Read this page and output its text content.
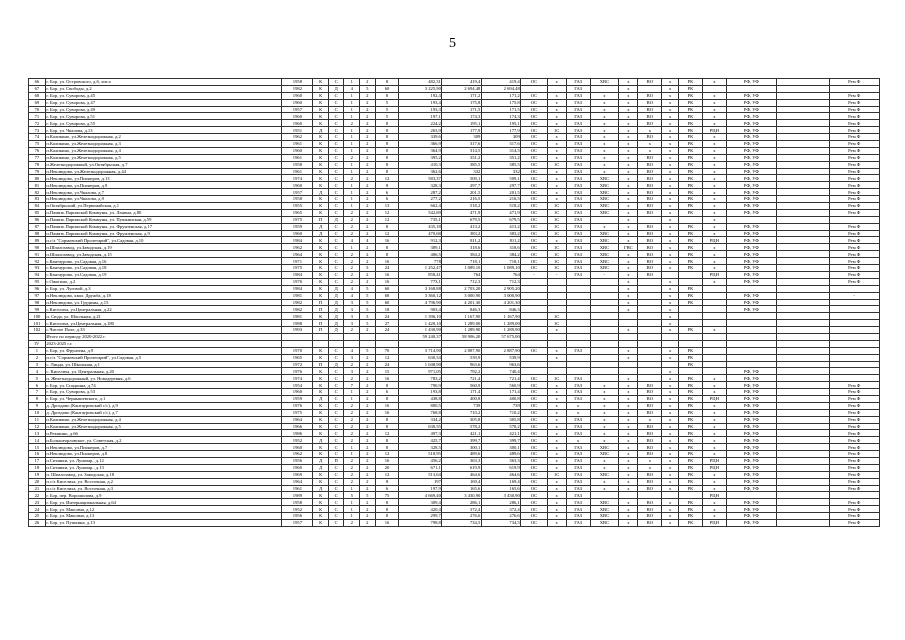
5
66	г. Бор, ул. Островского, д.6, лит.а	1958	К	С	1	2	8	482,31	419,4	419,4	ОС	х	ГАЗ	ХВС	х	ВО	х	РК	х	РФ, УФ		Рем Ф
67	г. Бор, ул. Свободы, д.2	1982	К	Д	4	5	60	3 225,90	2 694,48	2 694,48			ГАЗ		х		х	РК				
68	г. Бор, ул. Суворова, д.45	1960	К	С	1	2	8	192,4	171,2	171,2	ОС	х	ГАЗ	х	х	ВО	х	РК	х	РФ, УФ		Рем Ф
69	г. Бор, ул. Суворова, д.47	1960	К	С	1	2	5	193,4	175,8	175,8	ОС	х	ГАЗ	х	х	ВО	х	РК	х	РФ, УФ		Рем Ф
70	г. Бор, ул. Суворова, д.49	1957	К	С	1	2	5	193,3	171,5	171,5	ОС	х	ГАЗ	х	х	ВО	х	РК	х	РФ, УФ		Рем Ф
71	г. Бор, ул. Суворова, д.51	1960	К	С	1	2	5	197,1	174,3	174,3	ОС	х	ГАЗ	х	х	ВО	х	РК	х	РФ, УФ		Рем Ф
72	г. Бор, ул. Суворова, д.55	1960	К	С	2	2	8	224,2	195,1	195,1	ОС	х	ГАЗ	х	х	ВО	х	РК	х	РФ, УФ		Рем Ф
73	г. Бор, ул. Чкалова, д.13	1951	Д	С	1	2	8	263,9	177,9	177,9	ОС	1С	ГАЗ	х	х	х	х	РК	РЦН	РФ, УФ		Рем Ф
74	п.Каликино, ул.Железнодорожная, д.2	1962	К	С	1	2	8	339,6	309	309	ОС	х	ГАЗ	х	х	ВО	х	РК	х	РФ, УФ		Рем Ф
75	п.Каликино, ул.Железнодорожная, д.3	1961	К	С	1	2	8	366,9	317,6	317,6	ОС	х	ГАЗ	х	х	х	х	РК	х	РФ, УФ		Рем Ф
76	п.Каликино, ул.Железнодорожная, д.4	1960	К	С	1	2	8	364,9	314,5	314,5	ОС	х	ГАЗ	х	х	х	х	РК	х	РФ, УФ		Рем Ф
77	п.Каликино, ул.Железнодорожная, д.5	1961	К	С	2	2	8	395,2	351,2	351,2	ОС	х	ГАЗ	х	х	ВО	х	РК	х	РФ, УФ		Рем Ф
78	п.Железнодорожный, ул.Октябрьская, д.7	1958	К	С	1	2	8	410,3	385,5	385,5	ОС	1С	ГАЗ	х	х	ВО	х	РК	х	РФ, УФ		Рем Ф
79	п.Неклюдово, ул.Железнодорожная, д.44	1961	К	С	1	2	8	362,6	332	332	ОС	х	ГАЗ	х	х	ВО	х	РК	х	РФ, УФ		Рем Ф
80	п.Неклюдово, ул.Пионеров, д.13	1974	К	С	2	2	12	583,37	509,1	509,1	ОС	х	ГАЗ	ХВС	х	ВО	х	РК	х	РФ, УФ		Рем Ф
81	п.Неклюдово, ул.Пионеров, д.9	1960	К	С	1	2	8	328,3	297,7	297,7	ОС	х	ГАЗ	ХВС	х	ВО	х	РК	х	РФ, УФ		Рем Ф
82	п.Неклюдово, ул.Чкалова, д.7	1957	Д	С	1	2	6	287,2	201,5	201,5	ОС	х	ГАЗ	ХВС	х	ВО	х	РК	х	РФ, УФ		Рем Ф
83	п.Неклюдово, ул.Чкалова, д.9	1958	К	С	1	2	6	277,2	216,5	216,5	ОС	х	ГАЗ	ХВС	х	ВО	х	РК	х	РФ, УФ		Рем Ф
84	п.Октябрьский, ул.Первомайская, д.1	1955	К	С	1	2	13	662,4	518,2	518,2	ОС	1С	ГАЗ	ХВС	х	ВО	х	РК	х	РФ, УФ		Рем Ф
85	п.Память Парижской Коммуны, ул. Ленина, д.80	1965	К	С	2	2	12	542,69	471,9	471,9	ОС	1С	ГАЗ	ХВС	х	ВО	х	РК	х	РФ, УФ		Рем Ф
86	п.Память Парижской Коммуны, ул. Пушкинская, д.59	1975	П	Д	2	2	12	735,1	679,5	679,5	ОС	1С	ГАЗ		х		х		х			
87	п.Память Парижской Коммуны, ул. Фрунзенская, д.17	1959	Д	С	2	2	8	435,18	413,2	413,2	ОС	1С	ГАЗ	х	х	ВО	х	РК	х	РФ, УФ		Рем Ф
88	п.Память Парижской Коммуны, ул. Фрунзенская, д.9	1960	Д	С	2	2	12	470,68	383,2	383,2	ОС	1С	ГАЗ	ХВС	х	ВО	х	РК	х	РФ, УФ		Рем Ф
89	п.с/х "Сормовский Пролетарий", ул.Садовая, д.10	1984	К	С	4	4	16	912,3	811,2	811,2	ОС	х	ГАЗ	ХВС	х	ВО	х	РК	РЦН	РФ, УФ		Рем Ф
90	п.Шпалозавод, ул.Заводская, д.19	1962	К	С	1	2	8	389,1	318,6	318,6	ОС	1С	ГАЗ	ХВС	ГВС	ВО	х	РК	х	РФ, УФ		Рем Ф
91	п.Шпалозавод, ул.Заводская, д.15	1964	К	С	2	2	8	406,5	384,2	384,2	ОС	1С	ГАЗ	ХВС	х	ВО	х	РК	х	РФ, УФ		Рем Ф
92	с.Кантаурово, ул.Садовая, д.16	1971	К	С	2	2	16	778	718,1	718,1	ОС	1С	ГАЗ	ХВС	х	ВО	х	РК	х	РФ, УФ		Рем Ф
93	с.Кантаурово, ул.Садовая, д.18	1975	К	С	2	3	24	1 252,47	1 089,10	1 089,10	ОС	1С	ГАЗ	ХВС	х	ВО	х	РК	х	РФ, УФ		Рем Ф
94	с.Кантаурово, ул.Садовая, д.19	1984	К	С	2	2	16	858,41	764	764	-	-	ГАЗ	-	х	ВО			РЦН	РФ, УФ		Рем Ф
95	с.Ожогино, д.2	1976	К	С	2	2	16	773,1	712,3	712,3					х		х		х	РФ, УФ		Рем Ф
96	г. Бор, ул. Луговой, д.3	1984	К	Д	4	5	60	3 168,88	2 703,20	2 905,20					х		х	РК				
97	п.Неклюдово, квал. Дружба, д.18	1981	К	Д	4	5	68	3 360,12	3 000,90	3 000,90					х		х	РК		РФ, УФ		-
98	п.Неклюдово, ул. Грудины, д.15	1982	П	Д	3	5	60	4 796,90	4 201,30	4 201,30					х		х	РК		РФ, УФ		
99	с.Киселиха, ул.Центральная, д.22	1982	П	Д	3	5	18	903,4	846,3	846,3					х		х			РФ, УФ		
100	п. Сюда, ул. Школьная, д.21	1981	К	Д	3	3	24	1 396,10	1 167,90	1 167,90		1С					х					
101	с.Киселиха, ул.Центральная, д.180	1988	П	Д	3	5	27	1 420,10	1 289,00	1 289,00		1С					х					
102	с.Чистое Поле, д.33	1993	П	Д	2	2	24	1 430,90	1 289,90	1 289,90		х			х		х	РК	х			
	Итого по периоду 2020-2022 г.							59 240,37	58 906,20	57 675,00												
IV	2023-2025 г.г.																					
1	г. Бор, ул. Фрунзена, д.9	1970	К	С	4	5	70	3 714,90	2 887,90	2 887,90	ОС	х	ГАЗ		х		х	РК				
2	п.с/х "Сормовский Пролетарий", ул.Садовая, д.5	1965	К	С	3	2	12	630,54	539,9	539,9		х			х		х	РК				
3	с. Линда, ул. Школьная, д.1	1972	П	Д	2	2	24	1 048,90	963,6	963,6								РК				
4	с. Киселиха, ул. Центральная, д.20	1976	К	С	3	2	15	971,05	792,2	740,4							х			РФ, УФ		
5	п. Железнодорожный, ул. Новодеревня, д.6	1974	К	С	2	2	16	783,2	721,4	721,4	ОС	1С	ГАЗ		х		х	РК	х	РФ, УФ		
6	г. Бор, ул. Спадкина, д.74	1954	К	С	7	2	8	790,9	560,9	560,9	ОС	х	ГАЗ	х	х	ВО	х	РК	х	РФ, УФ		Рем Ф
7	г. Бор, ул. Суворова, д.53	1960	К	С	1	2	6	193,8	171,4	171,4	ОС	х	ГАЗ	х	х	ВО	х	РК	х	РФ, УФ		Рем Ф
8	г. Бор, ул. Чернышевского, д.1	1959	Д	С	1	2	8	438,8	400,8	400,8	ОС	х	ГАЗ	х	х	ВО	х	РК	РЦН	РФ, УФ		Рем Ф
9	д. Дроздово (Кантауровский с/с), д.9	1976	К	С	2	2	16	800,5	739	739	ОС	х	х	х	х	ВО	х	РК	х	РФ, УФ		Рем Ф
10	д. Дроздово (Кантауровский с/с), д.7	1975	К	С	2	2	16	768,8	710,2	710,2	ОС	х	х	х	х	ВО	х	РК	х	РФ, УФ		Рем Ф
11	п.Каликино, ул.Железнодорожная, д.4	1964	К	С	2	2	8	334,2	305,8	305,8	ОС	х	ГАЗ	х	х	х	х	РК	х	РФ, УФ		Рем Ф
12	п.Каликино, ул.Железнодорожная, д.5	1966	К	С	2	2	8	630,55	578,2	578,2	ОС	х	ГАЗ	х	х	ВО	х	РК	х	РФ, УФ		Рем Ф
13	п.Рекшино, д.66	1986	К	С	2	2	12	497,3	421,1	421,1	ОС	х	ГАЗ	х	х	ВО	х	РК	х	РФ, УФ		Рем Ф
14	п.Большеорловское, ул. Советская, д.2	1952	Д	С	2	2	8	425,7	399,7	399,7	ОС	х	х	х	х	ВО	х	РК	х	РФ, УФ		Рем Ф
15	п.Неклюдово, ул.Пионеров, д.7	1960	К	С	1	2	8	328,5	300,1	300,1	ОС	х	ГАЗ	ХВС	х	ВО	х	РК	х	РФ, УФ		Рем Ф
16	п.Неклюдово, ул.Пионеров, д.8	1962	К	С	1	2	12	518,95	489,6	489,6	ОС	х	ГАЗ	ХВС	х	ВО	х	РК	х	РФ, УФ		Рем Ф
17	п.Ситники, ул. Луначар., д.12	1956	Д	П	2	2	16	456,2	363,3	363,3	ОС	х	ГАЗ	х	х	х	х	РК	РЦН	РФ, УФ		Рем Ф
18	п.Ситники, ул. Луначар., д.13	1960	Д	С	2	2	20	671,1	619,9	619,9	ОС	х	ГАЗ	х	х	х	х	РК	РЦН	РФ, УФ		Рем Ф
19	п. Шпалозавод, ул. Заводская, д.18	1969	К	С	2	2	12	513,64	464,6	464,6	ОС	1С	ГАЗ	ХВС	х	ВО	х	РК	х	РФ, УФ		Рем Ф
20	п.с/х Киселиха, ул. Восточная, д.2	1964	К	С	2	2	8	197	169,4	169,4	ОС	х	ГАЗ	х	х	ВО	х	РК	х	РФ, УФ		Рем Ф
21	п.с/х Киселиха, ул. Восточная, д.3	1961	Д	С	1	2	6	197,9	165,6	165,6	ОС	х	ГАЗ	х	х	ВО	х	РК	х	РФ, УФ		Рем Ф
22	г. Бор, пер. Ворошилова, д.9	1989	К	С	5	5	75	4 669,40	3 430,90	3 430,90	ОС	х	ГАЗ						РЦН			
23	г. Бор, ул. Интернациональная, д.64	1958	К	С	1	2	8	309,4	286,1	286,1	ОС	х	ГАЗ	ХВС	х	ВО	х	РК	х	РФ, УФ		Рем Ф
24	г. Бор, ул. Максима, д.12	1952	К	С	1	2	8	420,4	372,4	372,4	ОС	х	ГАЗ	ХВС	х	ВО	х	РК	х	РФ, УФ		Рем Ф
25	г. Бор, ул. Максима, д.13	1956	К	С	1	2	8	299,7	276,6	276,6	ОС	х	ГАЗ	ХВС	х	ВО	х	РК	х	РФ, УФ		Рем Ф
26	г. Бор, ул. Пушкина, д.13	1957	К	С	2	2	16	798,8	734,5	734,5	ОС	х	ГАЗ	ХВС	х	ВО	х	РК	РЦН	РФ, УФ		Рем Ф
